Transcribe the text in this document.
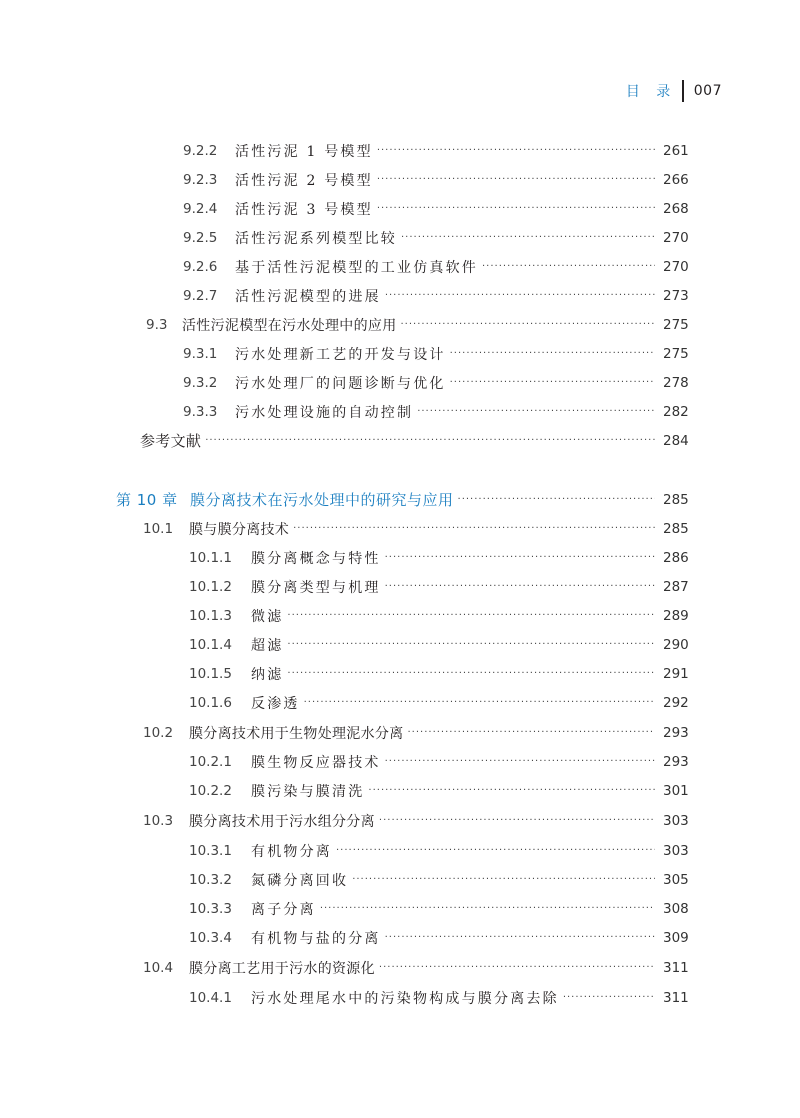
目 录 007
9.2.2	活性污泥 1 号模型 ·····	261
9.2.3	活性污泥 2 号模型 ·····	266
9.2.4	活性污泥 3 号模型 ·····	268
9.2.5	活性污泥系列模型比较 ·····	270
9.2.6	基于活性污泥模型的工业仿真软件 ·····	270
9.2.7	活性污泥模型的进展 ·····	273
9.3	活性污泥模型在污水处理中的应用 ·····	275
9.3.1	污水处理新工艺的开发与设计 ·····	275
9.3.2	污水处理厂的问题诊断与优化 ·····	278
9.3.3	污水处理设施的自动控制 ·····	282
参考文献 ·····	284
第 10 章 膜分离技术在污水处理中的研究与应用 ·····	285
10.1	膜与膜分离技术 ·····	285
10.1.1	膜分离概念与特性 ·····	286
10.1.2	膜分离类型与机理 ·····	287
10.1.3	微滤 ·····	289
10.1.4	超滤 ·····	290
10.1.5	纳滤 ·····	291
10.1.6	反渗透 ·····	292
10.2	膜分离技术用于生物处理泥水分离 ·····	293
10.2.1	膜生物反应器技术 ·····	293
10.2.2	膜污染与膜清洗 ·····	301
10.3	膜分离技术用于污水组分分离 ·····	303
10.3.1	有机物分离 ·····	303
10.3.2	氮磷分离回收 ·····	305
10.3.3	离子分离 ·····	308
10.3.4	有机物与盐的分离 ·····	309
10.4	膜分离工艺用于污水的资源化 ·····	311
10.4.1	污水处理尾水中的污染物构成与膜分离去除 ·····	311
